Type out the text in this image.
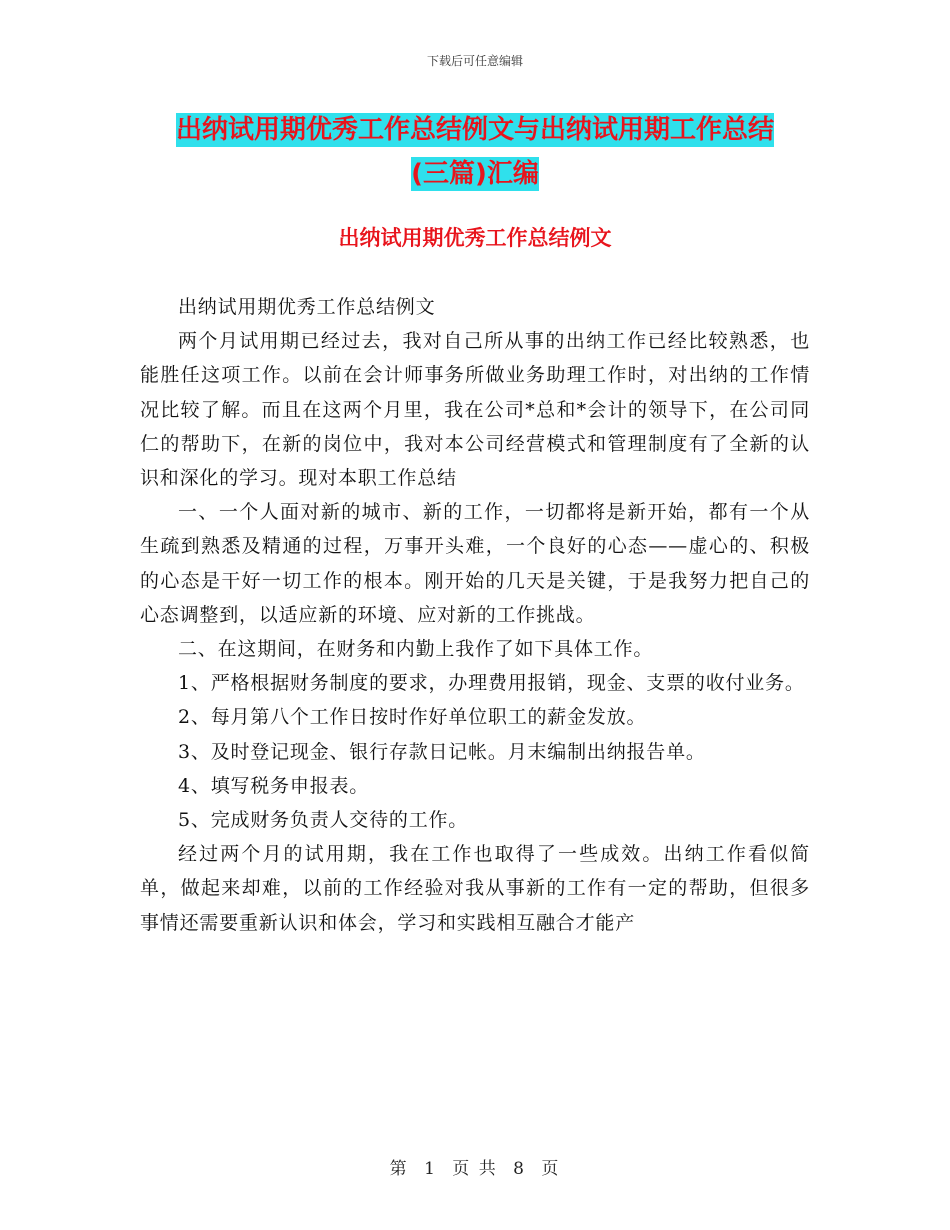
下载后可任意编辑
出纳试用期优秀工作总结例文与出纳试用期工作总结
(三篇)汇编
出纳试用期优秀工作总结例文

出纳试用期优秀工作总结例文

两个月试用期已经过去，我对自己所从事的出纳工作已经比较熟悉，也能胜任这项工作。以前在会计师事务所做业务助理工作时，对出纳的工作情况比较了解。而且在这两个月里，我在公司*总和*会计的领导下，在公司同仁的帮助下，在新的岗位中，我对本公司经营模式和管理制度有了全新的认识和深化的学习。现对本职工作总结

一、一个人面对新的城市、新的工作，一切都将是新开始，都有一个从生疏到熟悉及精通的过程，万事开头难，一个良好的心态——虚心的、积极的心态是干好一切工作的根本。刚开始的几天是关键，于是我努力把自己的心态调整到，以适应新的环境、应对新的工作挑战。

二、在这期间，在财务和内勤上我作了如下具体工作。

1、严格根据财务制度的要求，办理费用报销，现金、支票的收付业务。

2、每月第八个工作日按时作好单位职工的薪金发放。

3、及时登记现金、银行存款日记帐。月末编制出纳报告单。

4、填写税务申报表。

5、完成财务负责人交待的工作。

经过两个月的试用期，我在工作也取得了一些成效。出纳工作看似简单，做起来却难，以前的工作经验对我从事新的工作有一定的帮助，但很多事情还需要重新认识和体会，学习和实践相互融合才能产

第 1 页 共 8 页
